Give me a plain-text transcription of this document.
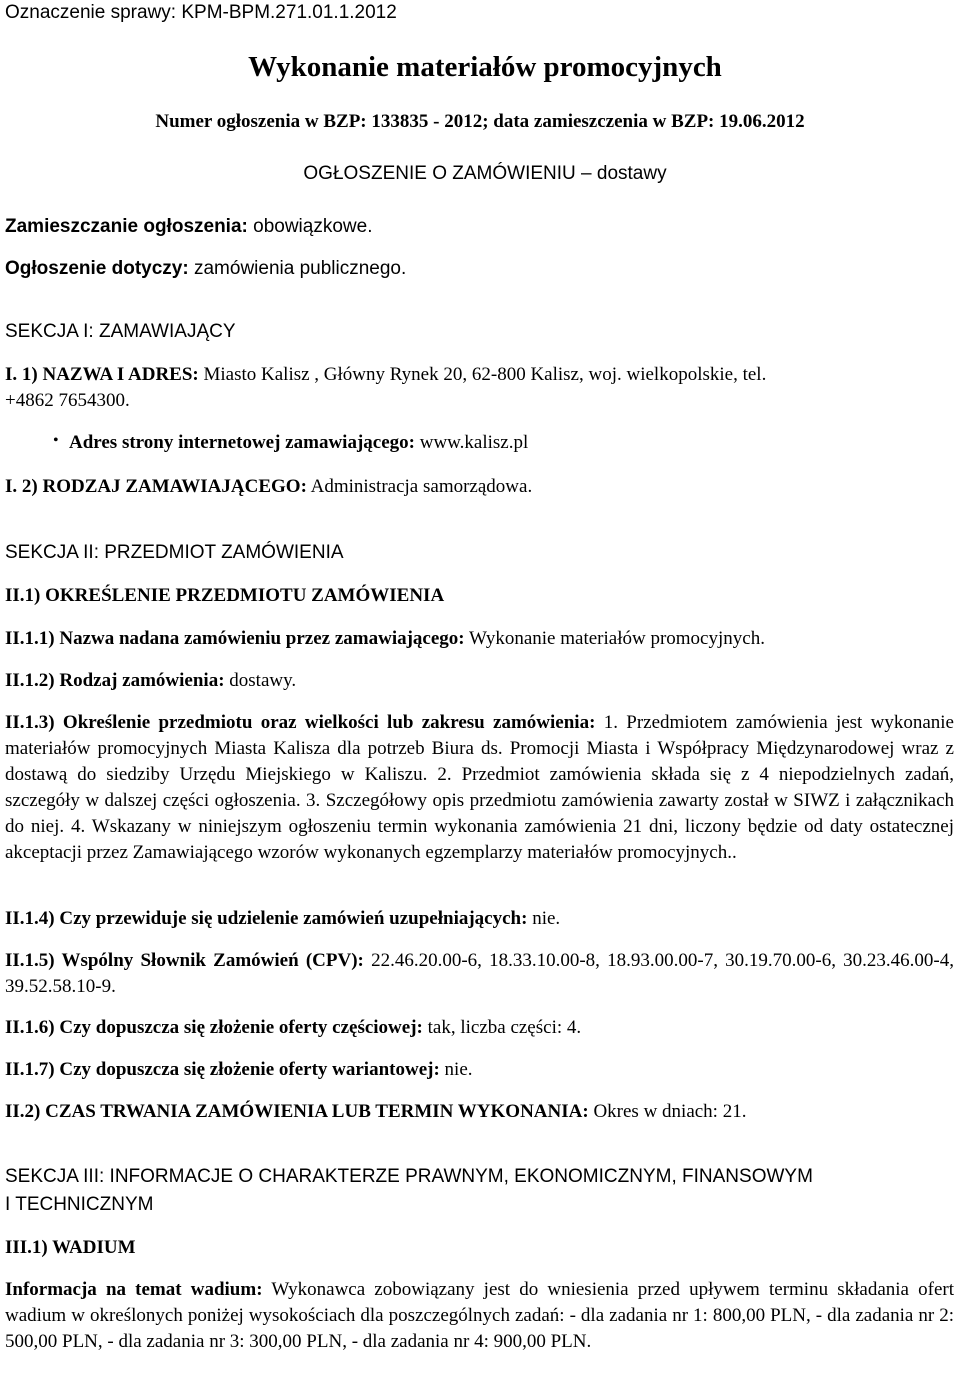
Oznaczenie sprawy: KPM-BPM.271.01.1.2012
Wykonanie materiałów promocyjnych
Numer ogłoszenia w BZP: 133835 - 2012; data zamieszczenia w BZP: 19.06.2012
OGŁOSZENIE O ZAMÓWIENIU – dostawy
Zamieszczanie ogłoszenia: obowiązkowe.
Ogłoszenie dotyczy: zamówienia publicznego.
SEKCJA I: ZAMAWIAJĄCY
I. 1) NAZWA I ADRES: Miasto Kalisz , Główny Rynek 20, 62-800 Kalisz, woj. wielkopolskie, tel.
+4862 7654300.
• Adres strony internetowej zamawiającego: www.kalisz.pl
I. 2) RODZAJ ZAMAWIAJĄCEGO: Administracja samorządowa.
SEKCJA II: PRZEDMIOT ZAMÓWIENIA
II.1) OKREŚLENIE PRZEDMIOTU ZAMÓWIENIA
II.1.1) Nazwa nadana zamówieniu przez zamawiającego: Wykonanie materiałów promocyjnych.
II.1.2) Rodzaj zamówienia: dostawy.
II.1.3) Określenie przedmiotu oraz wielkości lub zakresu zamówienia: 1. Przedmiotem zamówienia jest wykonanie materiałów promocyjnych Miasta Kalisza dla potrzeb Biura ds. Promocji Miasta i Współpracy Międzynarodowej wraz z dostawą do siedziby Urzędu Miejskiego w Kaliszu. 2. Przedmiot zamówienia składa się z 4 niepodzielnych zadań, szczegóły w dalszej części ogłoszenia. 3. Szczegółowy opis przedmiotu zamówienia zawarty został w SIWZ i załącznikach do niej. 4. Wskazany w niniejszym ogłoszeniu termin wykonania zamówienia 21 dni, liczony będzie od daty ostatecznej akceptacji przez Zamawiającego wzorów wykonanych egzemplarzy materiałów promocyjnych..
II.1.4) Czy przewiduje się udzielenie zamówień uzupełniających: nie.
II.1.5) Wspólny Słownik Zamówień (CPV): 22.46.20.00-6, 18.33.10.00-8, 18.93.00.00-7, 30.19.70.00-6, 30.23.46.00-4, 39.52.58.10-9.
II.1.6) Czy dopuszcza się złożenie oferty częściowej: tak, liczba części: 4.
II.1.7) Czy dopuszcza się złożenie oferty wariantowej: nie.
II.2) CZAS TRWANIA ZAMÓWIENIA LUB TERMIN WYKONANIA: Okres w dniach: 21.
SEKCJA III: INFORMACJE O CHARAKTERZE PRAWNYM, EKONOMICZNYM, FINANSOWYM
I TECHNICZNYM
III.1) WADIUM
Informacja na temat wadium: Wykonawca zobowiązany jest do wniesienia przed upływem terminu składania ofert wadium w określonych poniżej wysokościach dla poszczególnych zadań: - dla zadania nr 1: 800,00 PLN, - dla zadania nr 2: 500,00 PLN, - dla zadania nr 3: 300,00 PLN, - dla zadania nr 4: 900,00 PLN.
